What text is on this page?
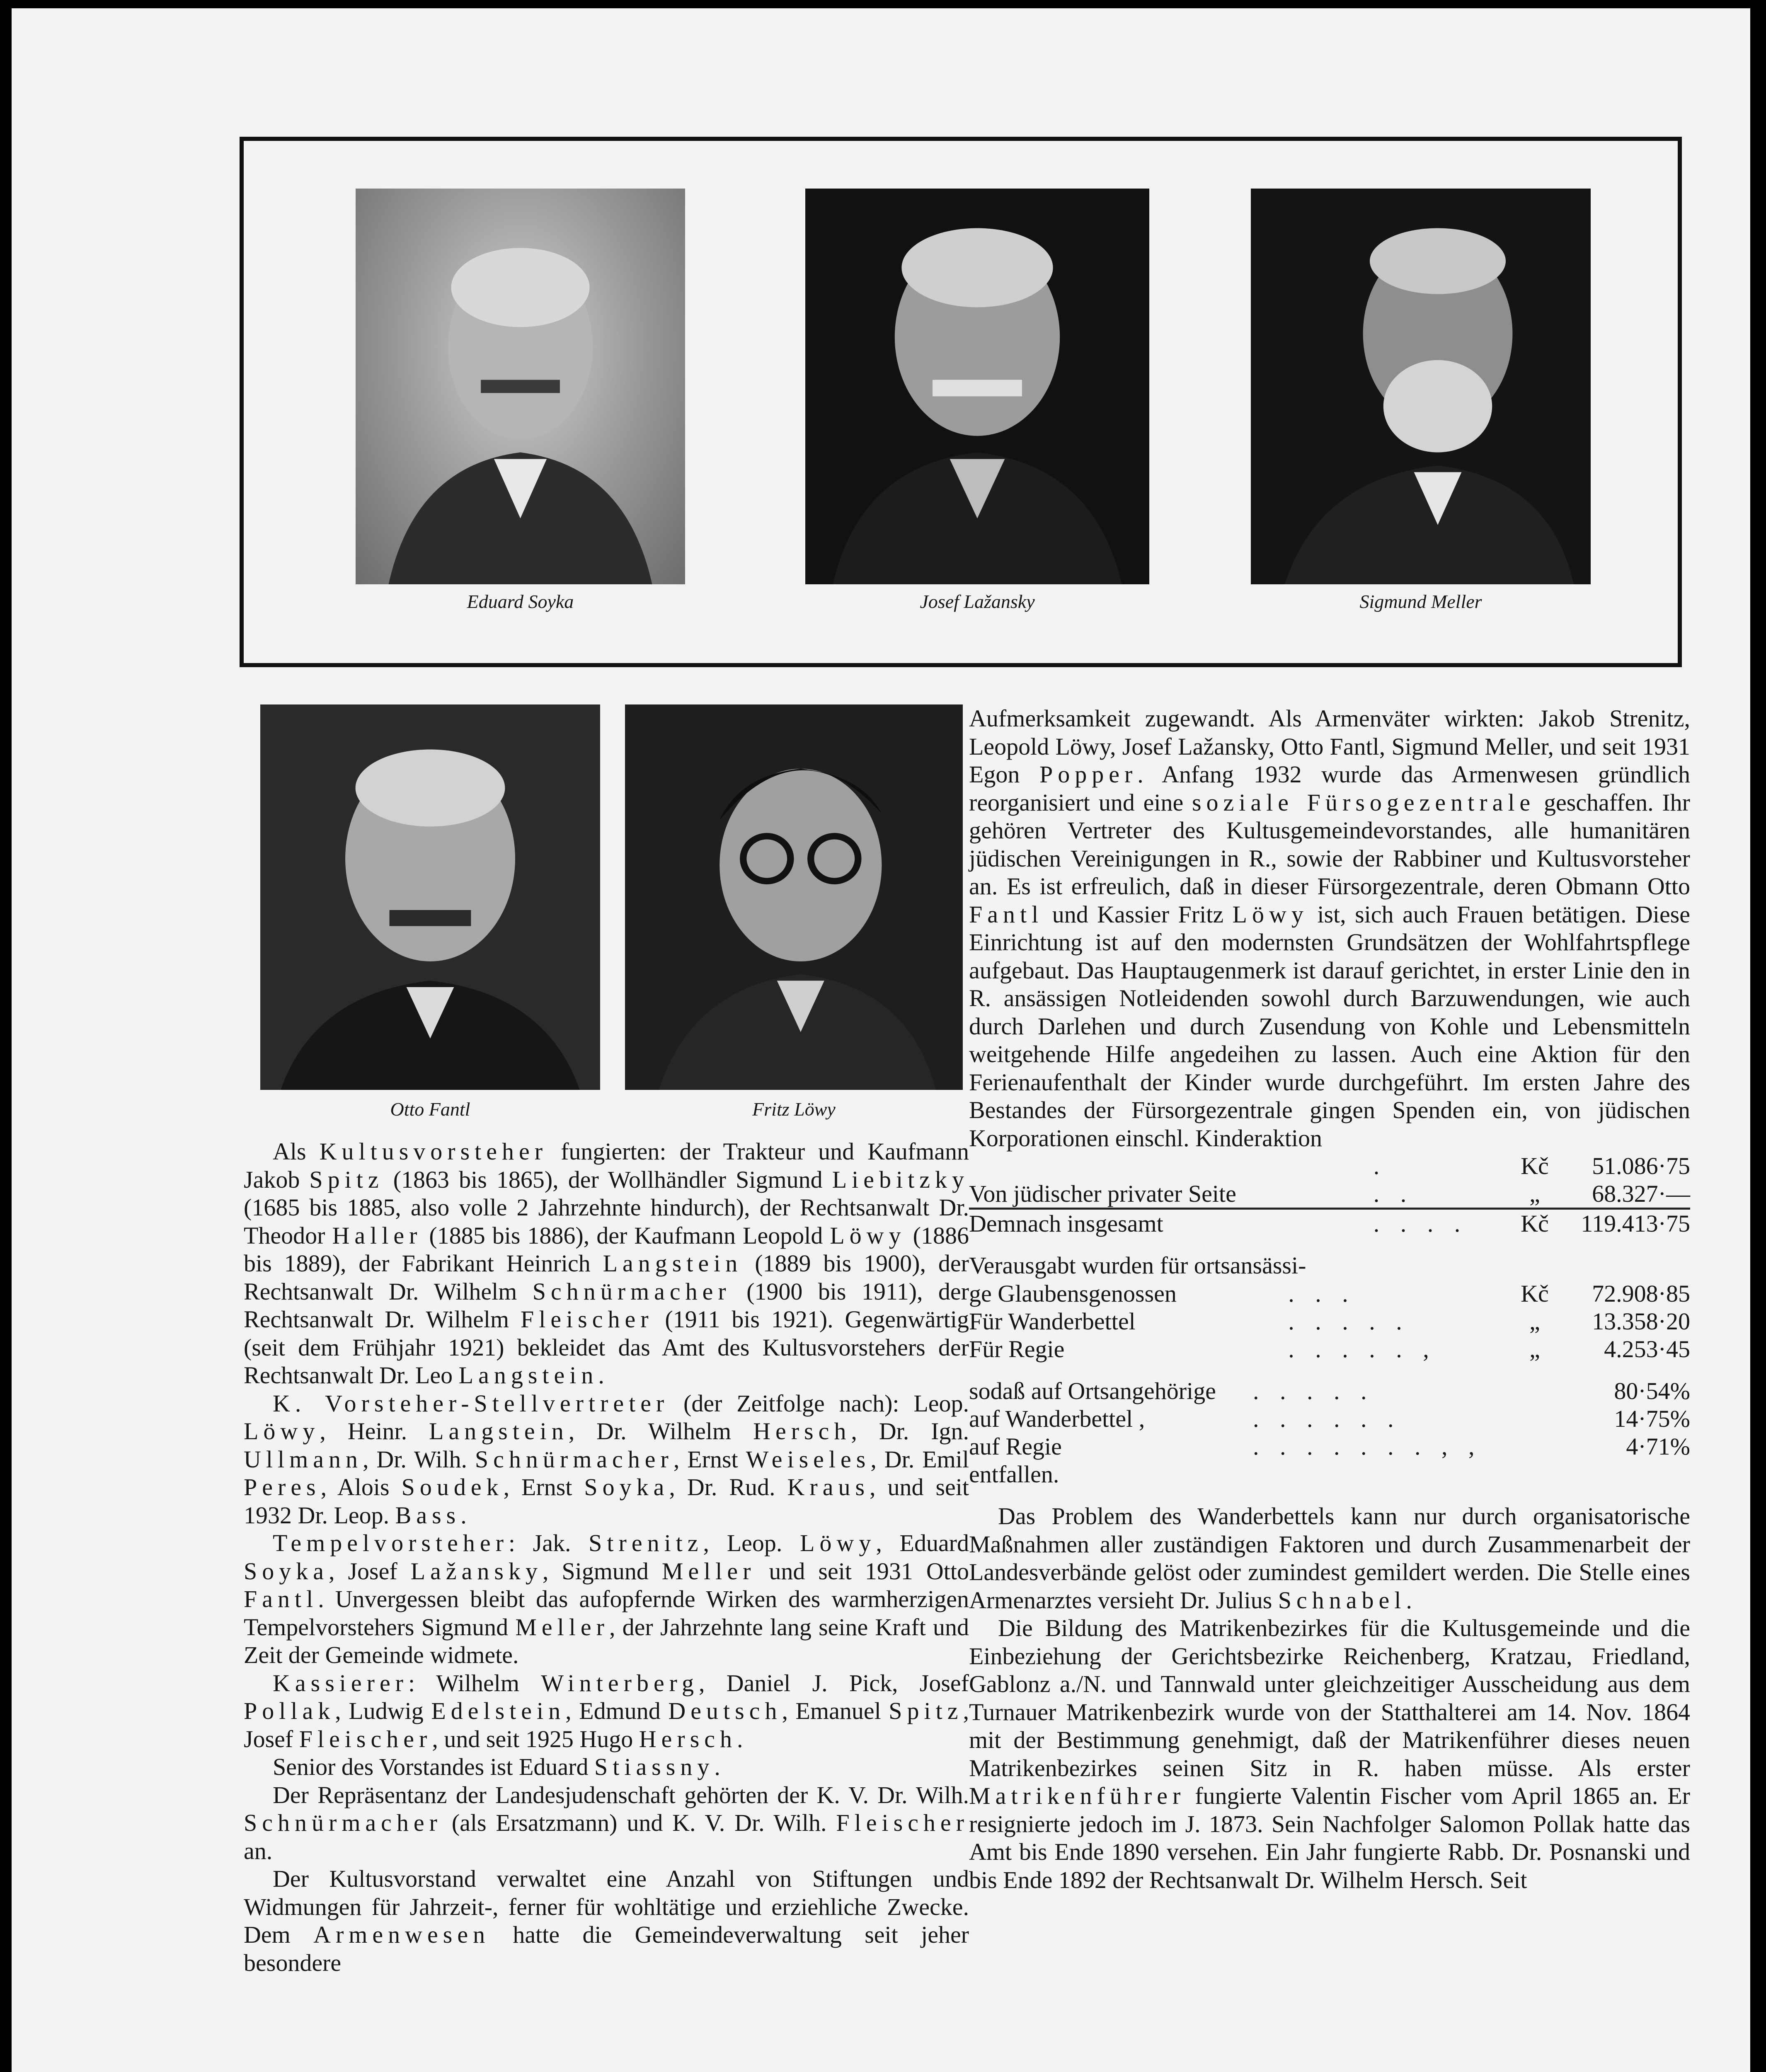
Eduard Soyka	Josef Lažansky	Sigmund Meller
Otto Fantl	Fritz Löwy

Als Kultusvorsteher fungierten: der Trakteur und Kaufmann Jakob Spitz (1863 bis 1865), der Wollhändler Sigmund Liebitzky (1685 bis 1885, also volle 2 Jahrzehnte hindurch), der Rechtsanwalt Dr. Theodor Haller (1885 bis 1886), der Kaufmann Leopold Löwy (1886 bis 1889), der Fabrikant Heinrich Langstein (1889 bis 1900), der Rechtsanwalt Dr. Wilhelm Schnürmacher (1900 bis 1911), der Rechtsanwalt Dr. Wilhelm Fleischer (1911 bis 1921). Gegenwärtig (seit dem Frühjahr 1921) bekleidet das Amt des Kultusvorstehers der Rechtsanwalt Dr. Leo Langstein.

K. Vorsteher-Stellvertreter (der Zeitfolge nach): Leop. Löwy, Heinr. Langstein, Dr. Wilhelm Hersch, Dr. Ign. Ullmann, Dr. Wilh. Schnürmacher, Ernst Weiseles, Dr. Emil Peres, Alois Soudek, Ernst Soyka, Dr. Rud. Kraus, und seit 1932 Dr. Leop. Bass.

Tempelvorsteher: Jak. Strenitz, Leop. Löwy, Eduard Soyka, Josef Lažansky, Sigmund Meller und seit 1931 Otto Fantl. Unvergessen bleibt das aufopfernde Wirken des warmherzigen Tempelvorstehers Sigmund Meller, der Jahrzehnte lang seine Kraft und Zeit der Gemeinde widmete.

Kassierer: Wilhelm Winterberg, Daniel J. Pick, Josef Pollak, Ludwig Edelstein, Edmund Deutsch, Emanuel Spitz, Josef Fleischer, und seit 1925 Hugo Hersch.

Senior des Vorstandes ist Eduard Stiassny.

Der Repräsentanz der Landesjudenschaft gehörten der K. V. Dr. Wilh. Schnürmacher (als Ersatzmann) und K. V. Dr. Wilh. Fleischer an.

Der Kultusvorstand verwaltet eine Anzahl von Stiftungen und Widmungen für Jahrzeit-, ferner für wohltätige und erziehliche Zwecke. Dem Armenwesen hatte die Gemeindeverwaltung seit jeher besondere

Aufmerksamkeit zugewandt. Als Armenväter wirkten: Jakob Strenitz, Leopold Löwy, Josef Lažansky, Otto Fantl, Sigmund Meller, und seit 1931 Egon Popper. Anfang 1932 wurde das Armenwesen gründlich reorganisiert und eine soziale Fürsogezentrale geschaffen. Ihr gehören Vertreter des Kultusgemeindevorstandes, alle humanitären jüdischen Vereinigungen in R., sowie der Rabbiner und Kultusvorsteher an. Es ist erfreulich, daß in dieser Fürsorgezentrale, deren Obmann Otto Fantl und Kassier Fritz Löwy ist, sich auch Frauen betätigen. Diese Einrichtung ist auf den modernsten Grundsätzen der Wohlfahrtspflege aufgebaut. Das Hauptaugenmerk ist darauf gerichtet, in erster Linie den in R. ansässigen Notleidenden sowohl durch Barzuwendungen, wie auch durch Darlehen und durch Zusendung von Kohle und Lebensmitteln weitgehende Hilfe angedeihen zu lassen. Auch eine Aktion für den Ferienaufenthalt der Kinder wurde durchgeführt. Im ersten Jahre des Bestandes der Fürsorgezentrale gingen Spenden ein, von jüdischen Korporationen einschl. Kinderaktion

	.	Kč	51.086·75
Von jüdischer privater Seite	. .	„	68.327·—
Demnach insgesamt	. . . .	Kč	119.413·75
Verausgabt wurden für ortsansässi-
ge Glaubensgenossen	. . .	Kč	72.908·85
Für Wanderbettel	. . . . .	„	13.358·20
Für Regie	. . . . . ,	„	4.253·45
sodaß auf Ortsangehörige	. . . . .		80·54%
auf Wanderbettel ,	. . . . . .		14·75%
auf Regie	. . . . . . . , ,		4·71%
entfallen.

Das Problem des Wanderbettels kann nur durch organisatorische Maßnahmen aller zuständigen Faktoren und durch Zusammenarbeit der Landesverbände gelöst oder zumindest gemildert werden. Die Stelle eines Armenarztes versieht Dr. Julius Schnabel.

Die Bildung des Matrikenbezirkes für die Kultusgemeinde und die Einbeziehung der Gerichtsbezirke Reichenberg, Kratzau, Friedland, Gablonz a./N. und Tannwald unter gleichzeitiger Ausscheidung aus dem Turnauer Matrikenbezirk wurde von der Statthalterei am 14. Nov. 1864 mit der Bestimmung genehmigt, daß der Matrikenführer dieses neuen Matrikenbezirkes seinen Sitz in R. haben müsse. Als erster Matrikenführer fungierte Valentin Fischer vom April 1865 an. Er resignierte jedoch im J. 1873. Sein Nachfolger Salomon Pollak hatte das Amt bis Ende 1890 versehen. Ein Jahr fungierte Rabb. Dr. Posnanski und bis Ende 1892 der Rechtsanwalt Dr. Wilhelm Hersch. Seit
